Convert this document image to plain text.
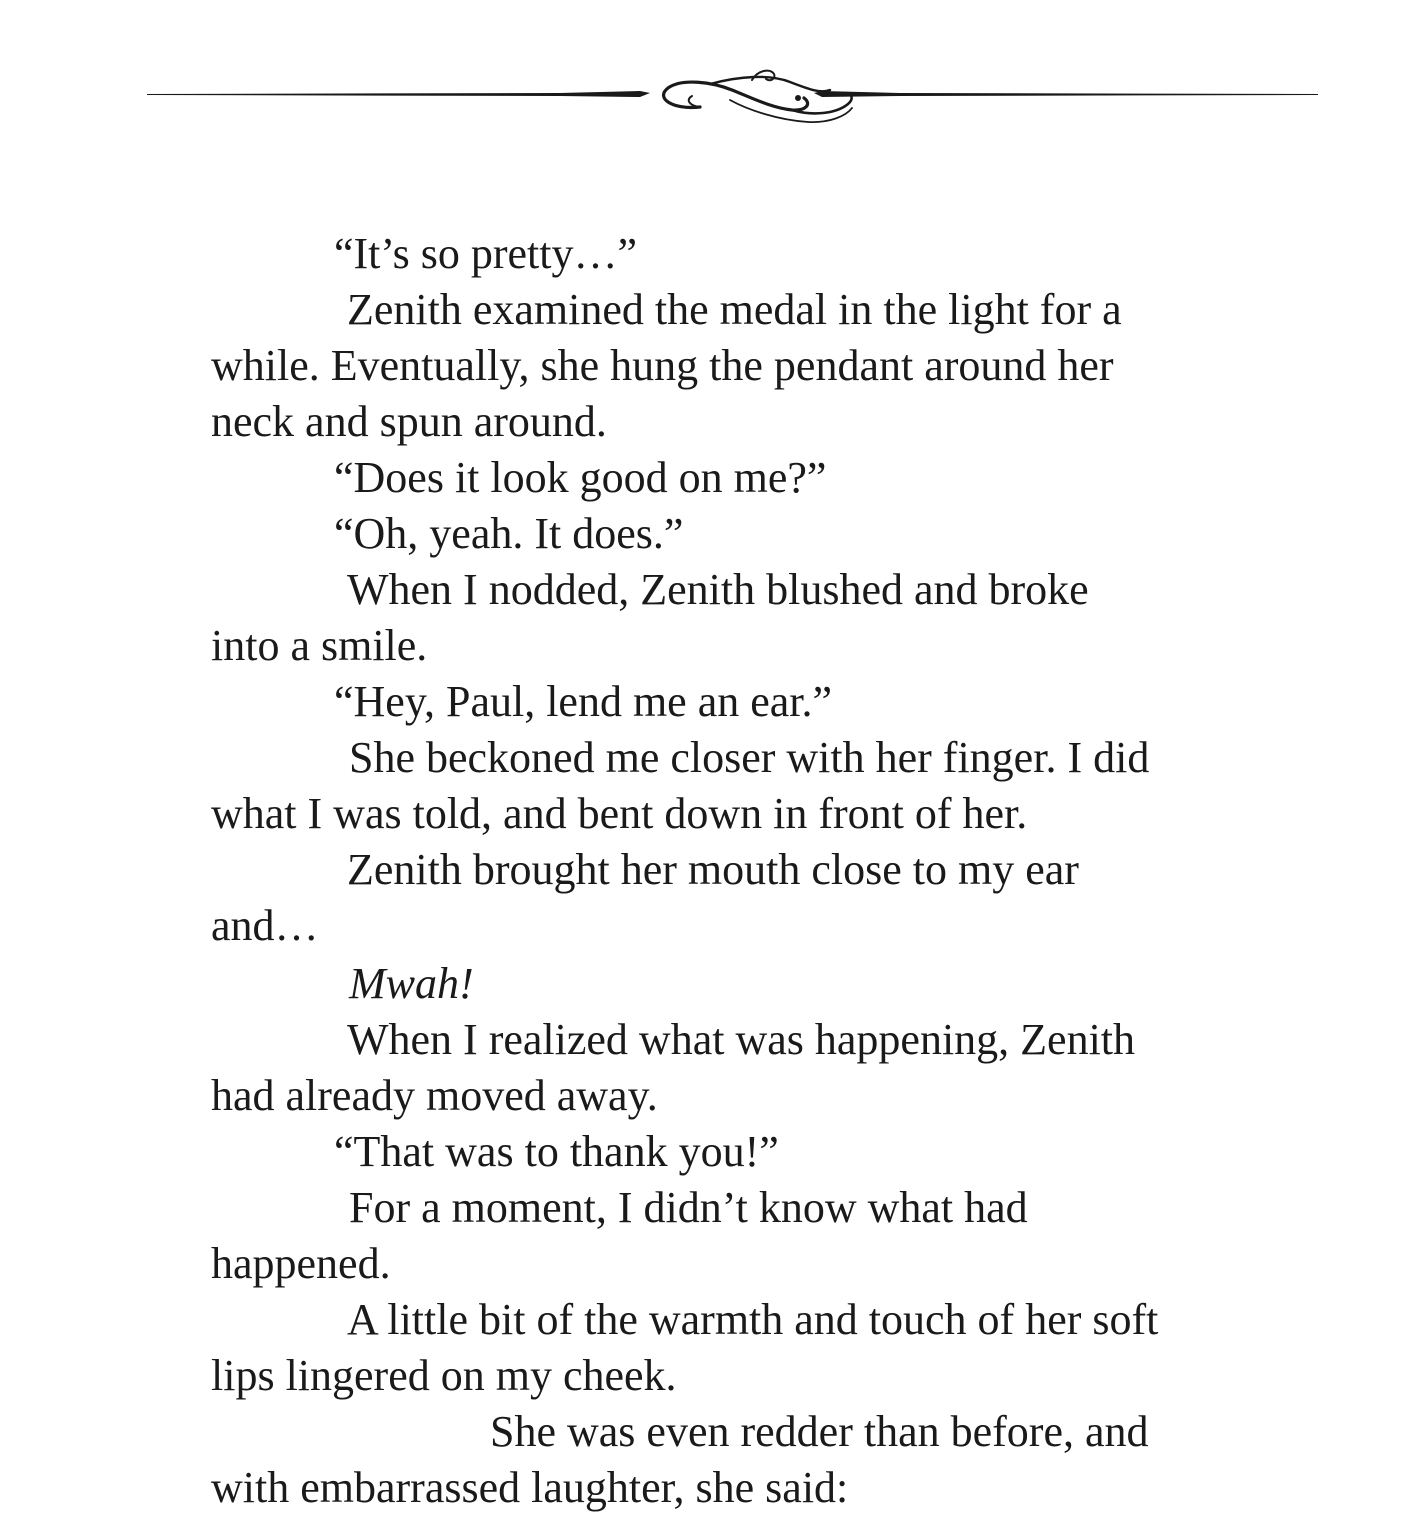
“It’s so pretty…”
Zenith examined the medal in the light for a
while. Eventually, she hung the pendant around her
neck and spun around.
“Does it look good on me?”
“Oh, yeah. It does.”
When I nodded, Zenith blushed and broke
into a smile.
“Hey, Paul, lend me an ear.”
She beckoned me closer with her finger. I did
what I was told, and bent down in front of her.
Zenith brought her mouth close to my ear
and…
Mwah!
When I realized what was happening, Zenith
had already moved away.
“That was to thank you!”
For a moment, I didn’t know what had
happened.
A little bit of the warmth and touch of her soft
lips lingered on my cheek.
She was even redder than before, and
with embarrassed laughter, she said:
